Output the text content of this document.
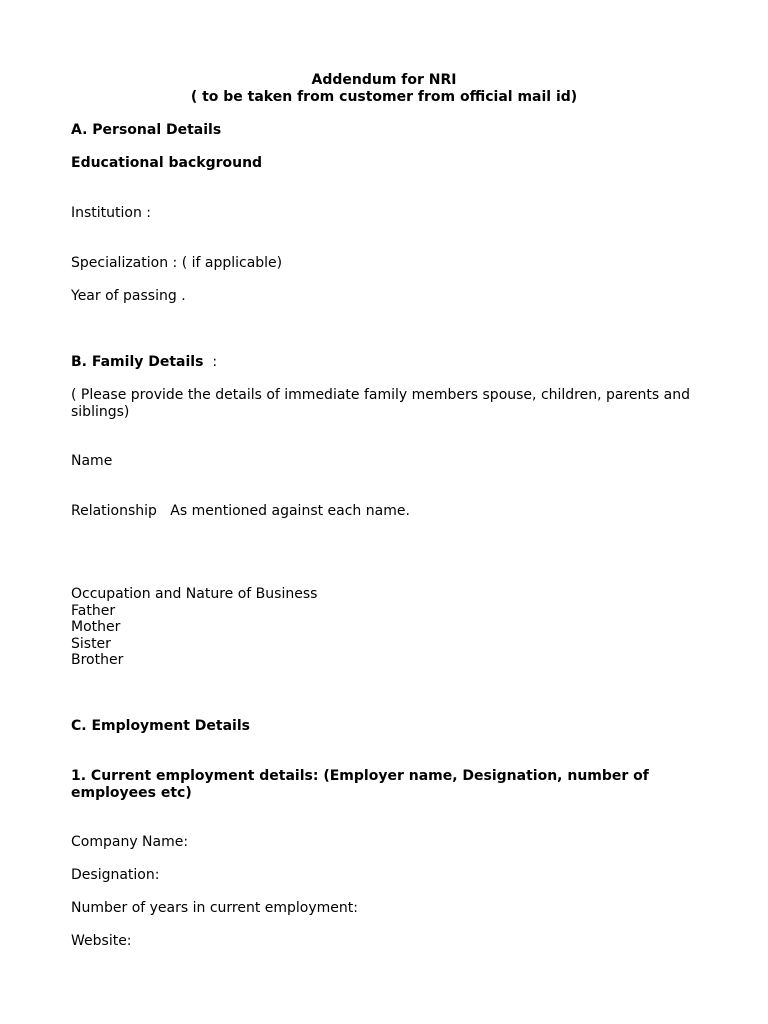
Addendum for NRI
( to be taken from customer from official mail id)
A. Personal Details
Educational background
Institution :
Specialization : ( if applicable)
Year of passing .
B. Family Details  :
( Please provide the details of immediate family members spouse, children, parents and siblings)
Name
Relationship   As mentioned against each name.
Occupation and Nature of Business
Father
Mother
Sister
Brother
C. Employment Details
1. Current employment details: (Employer name, Designation, number of employees etc)
Company Name:
Designation:
Number of years in current employment:
Website:
